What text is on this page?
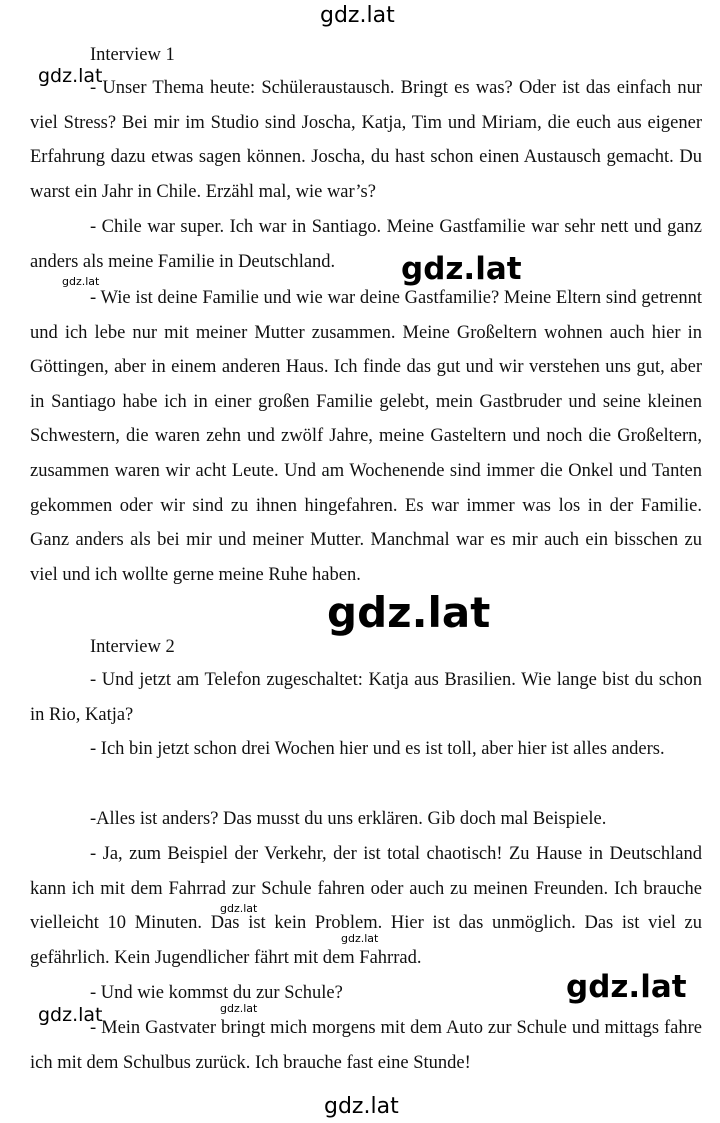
Interview 1

- Unser Thema heute: Schüleraustausch. Bringt es was? Oder ist das einfach nur viel Stress? Bei mir im Studio sind Joscha, Katja, Tim und Miriam, die euch aus eigener Erfahrung dazu etwas sagen können. Joscha, du hast schon einen Austausch gemacht. Du warst ein Jahr in Chile. Erzähl mal, wie war’s?

- Chile war super. Ich war in Santiago. Meine Gastfamilie war sehr nett und ganz anders als meine Familie in Deutschland.

- Wie ist deine Familie und wie war deine Gastfamilie? Meine Eltern sind getrennt und ich lebe nur mit meiner Mutter zusammen. Meine Großeltern wohnen auch hier in Göttingen, aber in einem anderen Haus. Ich finde das gut und wir verstehen uns gut, aber in Santiago habe ich in einer großen Familie gelebt, mein Gastbruder und seine kleinen Schwestern, die waren zehn und zwölf Jahre, meine Gasteltern und noch die Großeltern, zusammen waren wir acht Leute. Und am Wochenende sind immer die Onkel und Tanten gekommen oder wir sind zu ihnen hingefahren. Es war immer was los in der Familie. Ganz anders als bei mir und meiner Mutter. Manchmal war es mir auch ein bisschen zu viel und ich wollte gerne meine Ruhe haben.

Interview 2

- Und jetzt am Telefon zugeschaltet: Katja aus Brasilien. Wie lange bist du schon in Rio, Katja?

- Ich bin jetzt schon drei Wochen hier und es ist toll, aber hier ist alles anders.

-Alles ist anders? Das musst du uns erklären. Gib doch mal Beispiele.

- Ja, zum Beispiel der Verkehr, der ist total chaotisch! Zu Hause in Deutschland kann ich mit dem Fahrrad zur Schule fahren oder auch zu meinen Freunden. Ich brauche vielleicht 10 Minuten. Das ist kein Problem. Hier ist das unmöglich. Das ist viel zu gefährlich. Kein Jugendlicher fährt mit dem Fahrrad.

- Und wie kommst du zur Schule?

- Mein Gastvater bringt mich morgens mit dem Auto zur Schule und mittags fahre ich mit dem Schulbus zurück. Ich brauche fast eine Stunde!

gdz.lat
gdz.lat
gdz.lat
gdz.lat
gdz.lat
gdz.lat
gdz.lat
gdz.lat
gdz.lat	gdz.lat
gdz.lat
